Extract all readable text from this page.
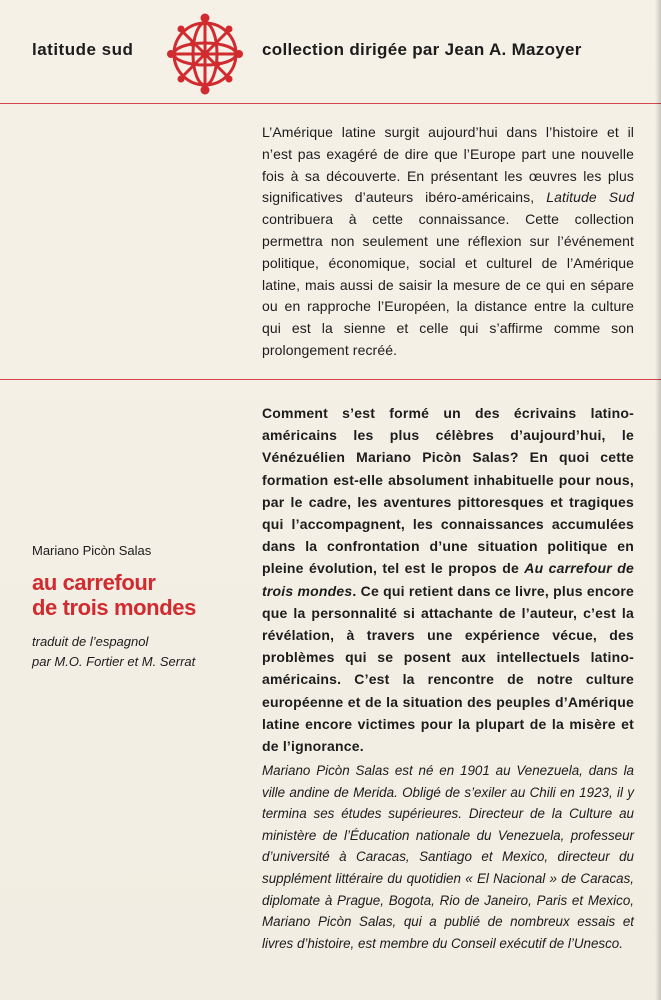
latitude sud	collection dirigée par Jean A. Mazoyer
L’Amérique latine surgit aujourd’hui dans l’histoire et il n’est pas exagéré de dire que l’Europe part une nouvelle fois à sa découverte. En présentant les œuvres les plus significatives d’auteurs ibéro-américains, Latitude Sud contribuera à cette connaissance. Cette collection permettra non seulement une réflexion sur l’événement politique, économique, social et culturel de l’Amérique latine, mais aussi de saisir la mesure de ce qui en sépare ou en rapproche l’Européen, la distance entre la culture qui est la sienne et celle qui s’affirme comme son prolongement recréé.
Mariano Picòn Salas
au carrefour
de trois mondes
traduit de l’espagnol
par M.O. Fortier et M. Serrat
Comment s’est formé un des écrivains latino-américains les plus célèbres d’aujourd’hui, le Vénézuélien Mariano Picòn Salas? En quoi cette formation est-elle absolument inhabituelle pour nous, par le cadre, les aventures pittoresques et tragiques qui l’accompagnent, les connaissances accumulées dans la confrontation d’une situation politique en pleine évolution, tel est le propos de Au carrefour de trois mondes. Ce qui retient dans ce livre, plus encore que la personnalité si attachante de l’auteur, c’est la révélation, à travers une expérience vécue, des problèmes qui se posent aux intellectuels latino-américains. C’est la rencontre de notre culture européenne et de la situation des peuples d’Amérique latine encore victimes pour la plupart de la misère et de l’ignorance.
Mariano Picòn Salas est né en 1901 au Venezuela, dans la ville andine de Merida. Obligé de s’exiler au Chili en 1923, il y termina ses études supérieures. Directeur de la Culture au ministère de l’Éducation nationale du Venezuela, professeur d’université à Caracas, Santiago et Mexico, directeur du supplément littéraire du quotidien « El Nacional » de Caracas, diplomate à Prague, Bogota, Rio de Janeiro, Paris et Mexico, Mariano Picòn Salas, qui a publié de nombreux essais et livres d’histoire, est membre du Conseil exécutif de l’Unesco.
